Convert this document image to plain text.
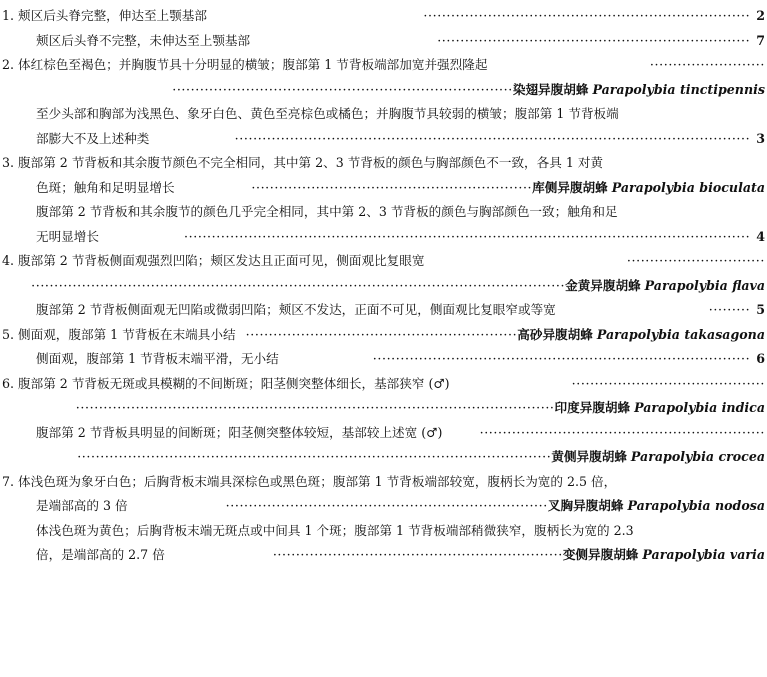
1. 颊区后头脊完整，伸达至上颚基部	······································································· 2
颊区后头脊不完整，未伸达至上颚基部	···································································· 7
2. 体红棕色至褐色；并胸腹节具十分明显的横皱；腹部第 1 节背板端部加宽并强烈隆起	·························
··········································································染翅异腹胡蜂 Parapolybia tinctipennis
至少头部和胸部为浅黑色、象牙白色、黄色至亮棕色或橘色；并胸腹节具较弱的横皱；腹部第 1 节背板端
部膨大不及上述种类	················································································································ 3
3. 腹部第 2 节背板和其余腹节颜色不完全相同，其中第 2、3 节背板的颜色与胸部颜色不一致，各具 1 对黄
色斑；触角和足明显增长	·····························································库侧异腹胡蜂 Parapolybia bioculata
腹部第 2 节背板和其余腹节的颜色几乎完全相同，其中第 2、3 节背板的颜色与胸部颜色一致；触角和足
无明显增长	··························································································································· 4
4. 腹部第 2 节背板侧面观强烈凹陷；颊区发达且正面可见，侧面观比复眼宽	······························
····················································································································金黄异腹胡蜂 Parapolybia flava
腹部第 2 节背板侧面观无凹陷或微弱凹陷；颊区不发达，正面不可见，侧面观比复眼窄或等宽	········· 5
5. 侧面观，腹部第 1 节背板在末端具小结 ···························································高砂异腹胡蜂 Parapolybia takasagona
侧面观，腹部第 1 节背板末端平滑，无小结	·················································································· 6
6. 腹部第 2 节背板无斑或具模糊的不间断斑；阳茎侧突整体细长，基部狭窄 (♂)	··········································
········································································································印度异腹胡蜂 Parapolybia indica
腹部第 2 节背板具明显的间断斑；阳茎侧突整体较短，基部较上述宽 (♂)	······························································
·······································································································黄侧异腹胡蜂 Parapolybia crocea
7. 体浅色斑为象牙白色；后胸背板末端具深棕色或黑色斑；腹部第 1 节背板端部较宽，腹柄长为宽的 2.5 倍，
是端部高的 3 倍	······································································叉胸异腹胡蜂 Parapolybia nodosa
体浅色斑为黄色；后胸背板末端无斑点或中间具 1 个斑；腹部第 1 节背板端部稍微狭窄，腹柄长为宽的 2.3
倍，是端部高的 2.7 倍	·······························································变侧异腹胡蜂 Parapolybia varia
